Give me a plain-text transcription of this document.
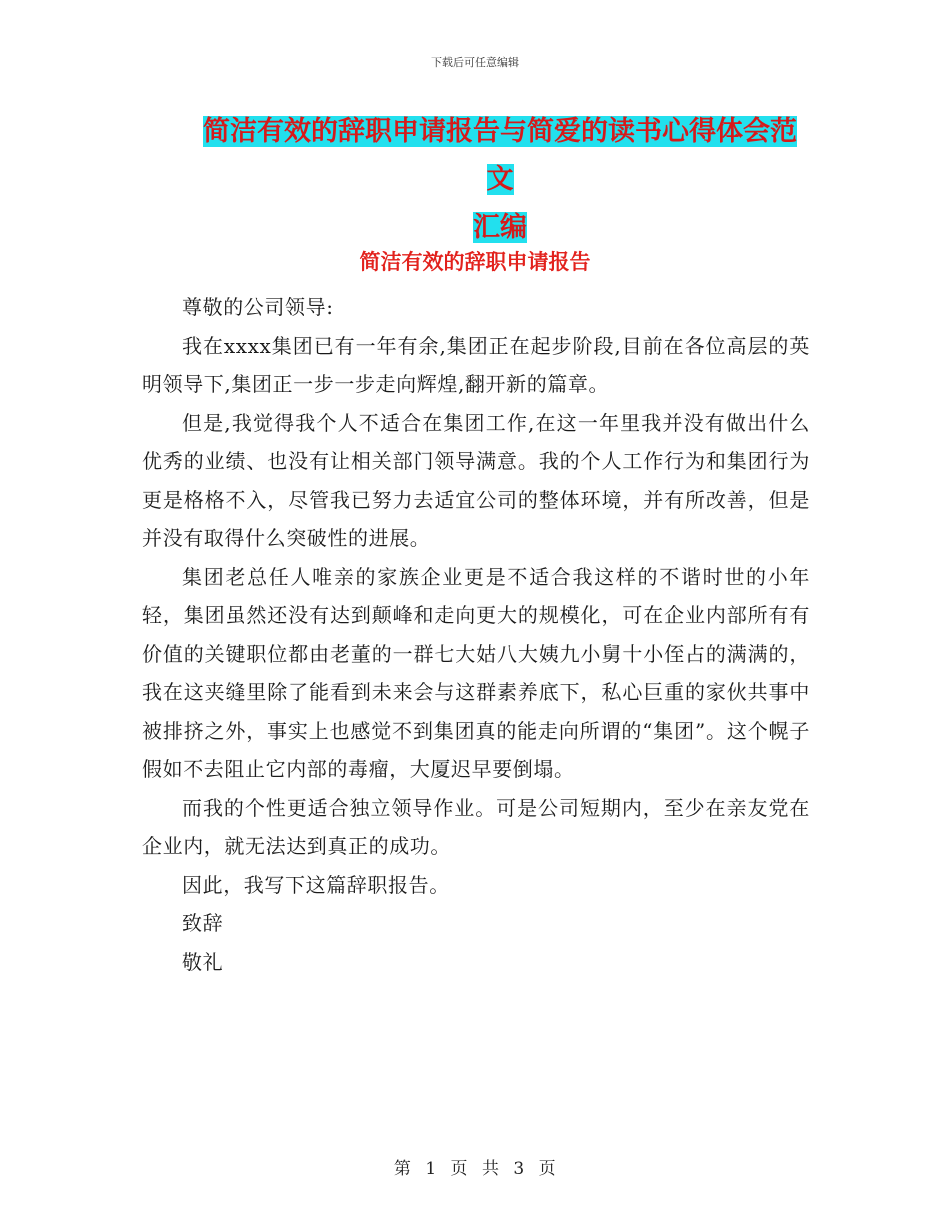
下载后可任意编辑
简洁有效的辞职申请报告与简爱的读书心得体会范文
汇编
简洁有效的辞职申请报告

尊敬的公司领导:

我在xxxx集团已有一年有余,集团正在起步阶段,目前在各位高层的英明领导下,集团正一步一步走向辉煌,翻开新的篇章。

但是,我觉得我个人不适合在集团工作,在这一年里我并没有做出什么优秀的业绩、也没有让相关部门领导满意。我的个人工作行为和集团行为更是格格不入，尽管我已努力去适宜公司的整体环境，并有所改善，但是并没有取得什么突破性的进展。

集团老总任人唯亲的家族企业更是不适合我这样的不谐时世的小年轻，集团虽然还没有达到颠峰和走向更大的规模化，可在企业内部所有有价值的关键职位都由老董的一群七大姑八大姨九小舅十小侄占的满满的，我在这夹缝里除了能看到未来会与这群素养底下，私心巨重的家伙共事中被排挤之外，事实上也感觉不到集团真的能走向所谓的“集团”。这个幌子假如不去阻止它内部的毒瘤，大厦迟早要倒塌。

而我的个性更适合独立领导作业。可是公司短期内，至少在亲友党在企业内，就无法达到真正的成功。

因此，我写下这篇辞职报告。

致辞

敬礼

第 1 页 共 3 页
